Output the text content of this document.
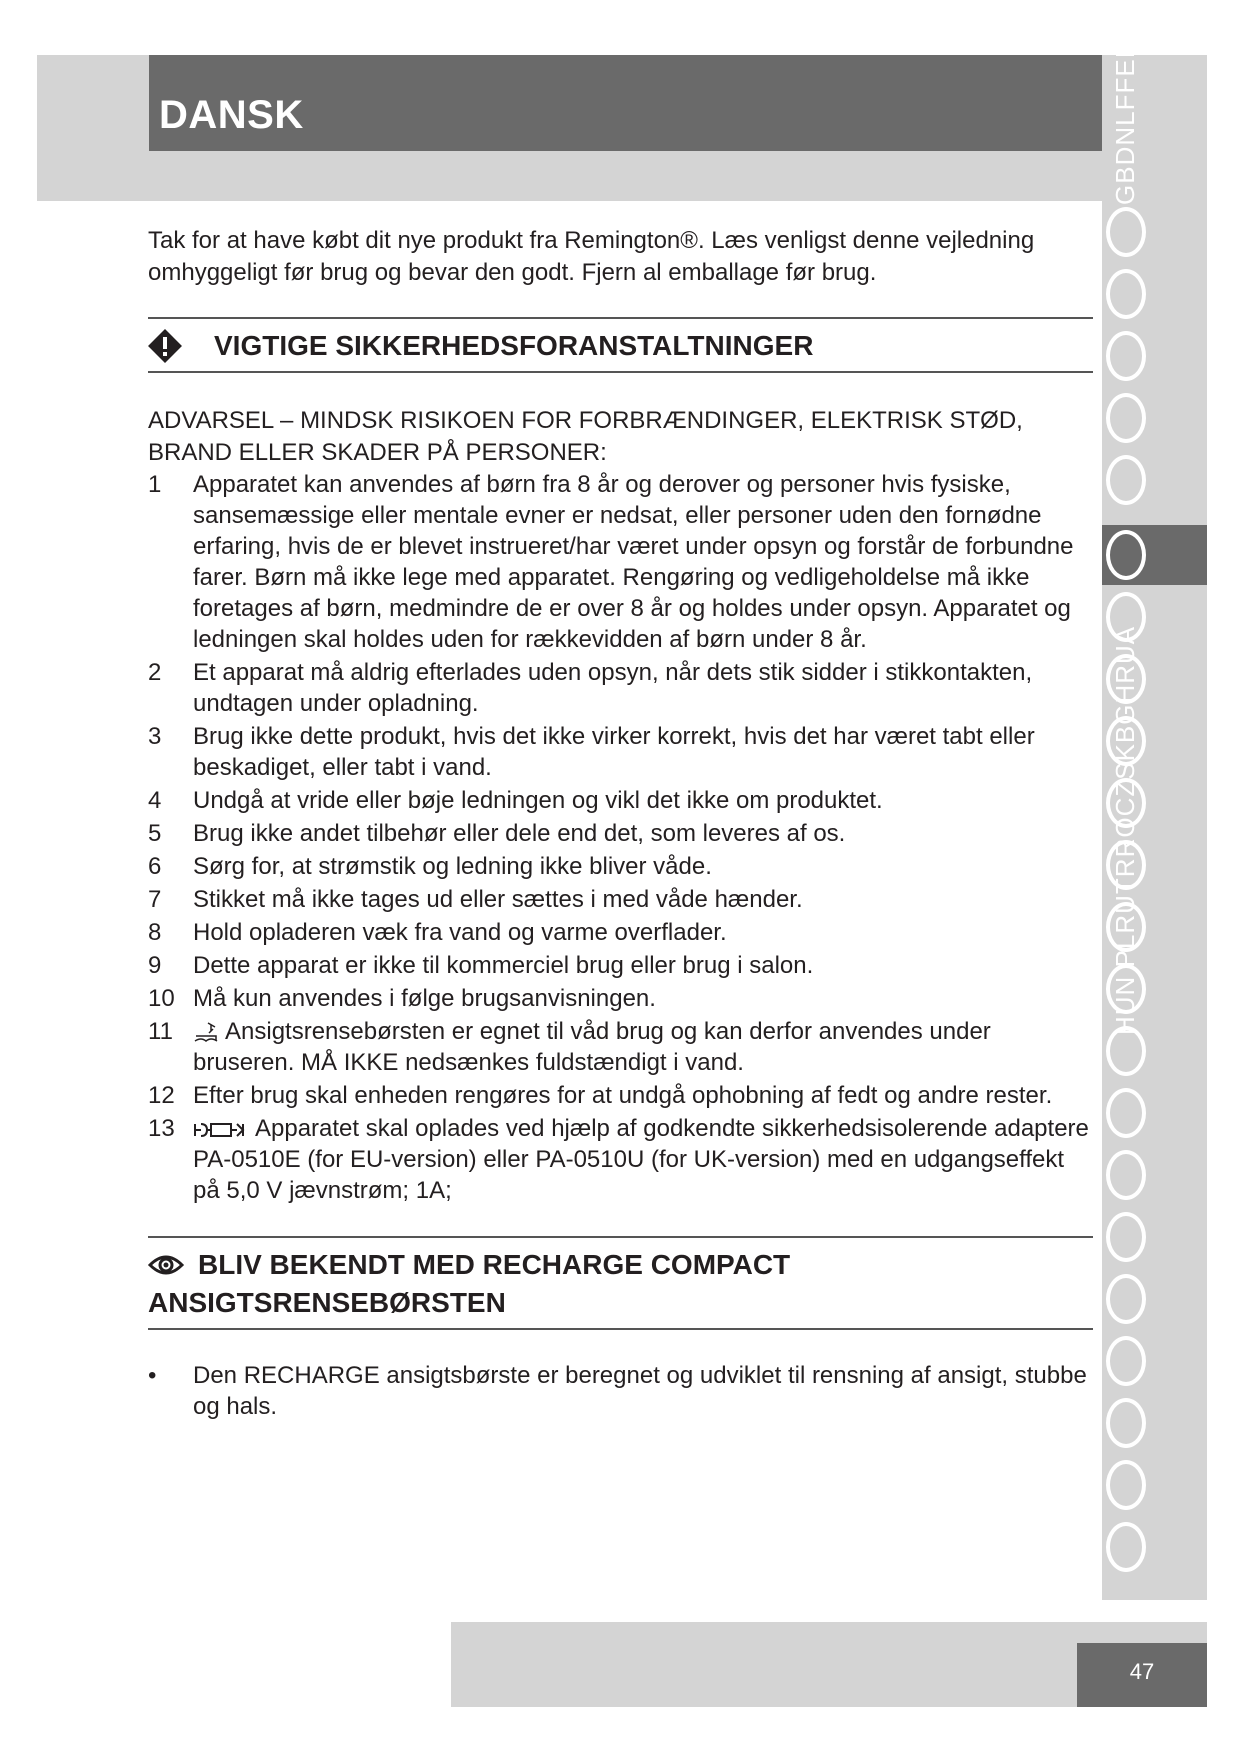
DANSK	GBDNLFFEIT
HUN PLRUTRROCZSKBGHRUA
47

Tak for at have købt dit nye produkt fra Remington®. Læs venligst denne vejledning omhyggeligt før brug og bevar den godt. Fjern al emballage før brug.

VIGTIGE SIKKERHEDSFORANSTALTNINGER

ADVARSEL – MINDSK RISIKOEN FOR FORBRÆNDINGER, ELEKTRISK STØD, BRAND ELLER SKADER PÅ PERSONER:

1 Apparatet kan anvendes af børn fra 8 år og derover og personer hvis fysiske, sansemæssige eller mentale evner er nedsat, eller personer uden den fornødne erfaring, hvis de er blevet instrueret/har været under opsyn og forstår de forbundne farer. Børn må ikke lege med apparatet. Rengøring og vedligeholdelse må ikke foretages af børn, medmindre de er over 8 år og holdes under opsyn. Apparatet og ledningen skal holdes uden for rækkevidden af børn under 8 år.
2 Et apparat må aldrig efterlades uden opsyn, når dets stik sidder i stikkontakten, undtagen under opladning.
3 Brug ikke dette produkt, hvis det ikke virker korrekt, hvis det har været tabt eller beskadiget, eller tabt i vand.
4 Undgå at vride eller bøje ledningen og vikl det ikke om produktet.
5 Brug ikke andet tilbehør eller dele end det, som leveres af os.
6 Sørg for, at strømstik og ledning ikke bliver våde.
7 Stikket må ikke tages ud eller sættes i med våde hænder.
8 Hold opladeren væk fra vand og varme overflader.
9 Dette apparat er ikke til kommerciel brug eller brug i salon.
10 Må kun anvendes i følge brugsanvisningen.
11 Ansigtsrensebørsten er egnet til våd brug og kan derfor anvendes under bruseren. MÅ IKKE nedsænkes fuldstændigt i vand.
12 Efter brug skal enheden rengøres for at undgå ophobning af fedt og andre rester.
13	Apparatet skal oplades ved hjælp af godkendte sikkerhedsisolerende adaptere PA-0510E (for EU-version) eller PA-0510U (for UK-version) med en udgangseffekt på 5,0 V jævnstrøm; 1A;
BLIV BEKENDT MED RECHARGE COMPACT
ANSIGTSRENSEBØRSTEN

• Den RECHARGE ansigtsbørste er beregnet og udviklet til rensning af ansigt, stubbe og hals.
